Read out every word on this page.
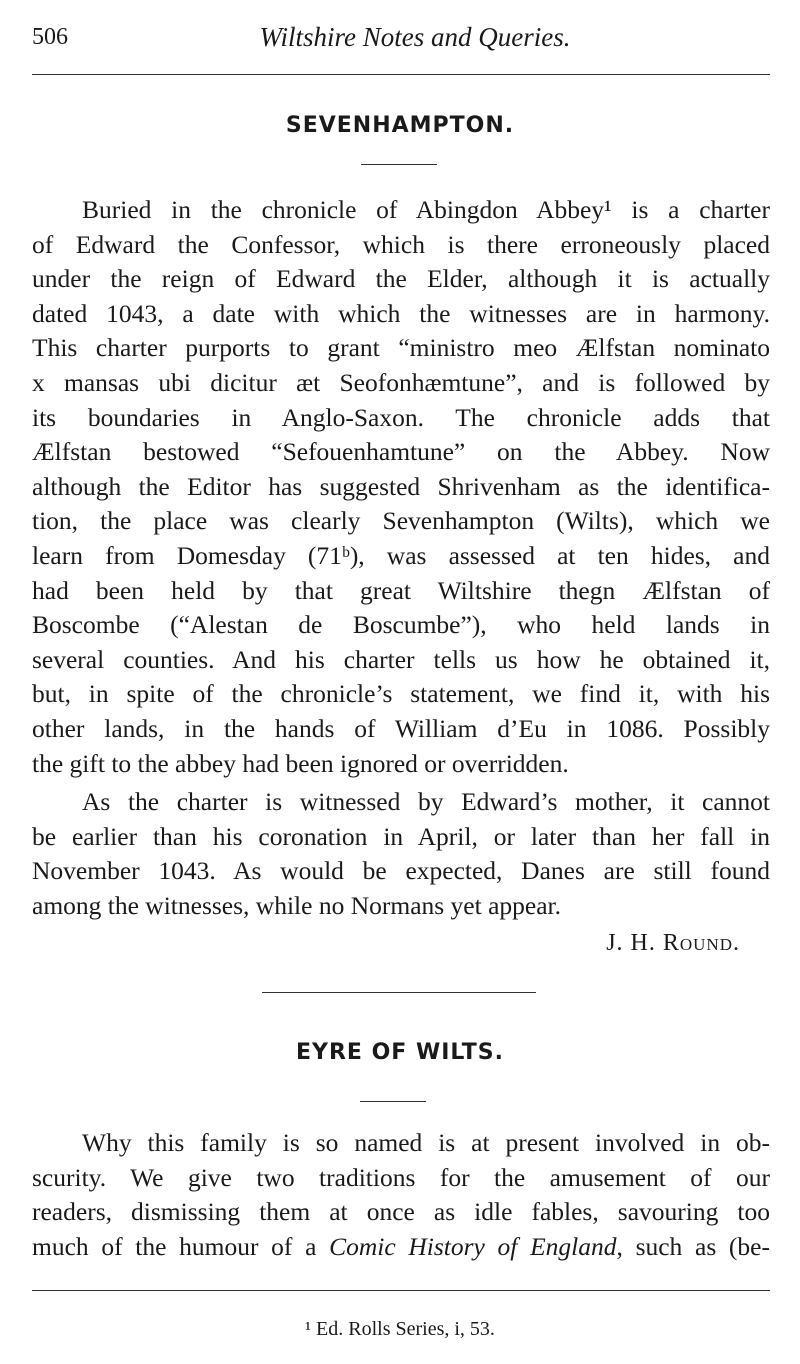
506	Wiltshire Notes and Queries.
SEVENHAMPTON.
Buried in the chronicle of Abingdon Abbey¹ is a charter
of Edward the Confessor, which is there erroneously placed
under the reign of Edward the Elder, although it is actually
dated 1043, a date with which the witnesses are in harmony.
This charter purports to grant “ministro meo Ælfstan nominato
x mansas ubi dicitur æt Seofonhæmtune”, and is followed by
its boundaries in Anglo-Saxon. The chronicle adds that
Ælfstan bestowed “Sefouenhamtune” on the Abbey. Now
although the Editor has suggested Shrivenham as the identifica-
tion, the place was clearly Sevenhampton (Wilts), which we
learn from Domesday (71ᵇ), was assessed at ten hides, and
had been held by that great Wiltshire thegn Ælfstan of
Boscombe (“Alestan de Boscumbe”), who held lands in
several counties. And his charter tells us how he obtained it,
but, in spite of the chronicle’s statement, we find it, with his
other lands, in the hands of William d’Eu in 1086. Possibly
the gift to the abbey had been ignored or overridden.
As the charter is witnessed by Edward’s mother, it cannot
be earlier than his coronation in April, or later than her fall in
November 1043. As would be expected, Danes are still found
among the witnesses, while no Normans yet appear.
J. H. Round.
EYRE OF WILTS.
Why this family is so named is at present involved in ob-
scurity. We give two traditions for the amusement of our
readers, dismissing them at once as idle fables, savouring too
much of the humour of a Comic History of England, such as (be-
¹ Ed. Rolls Series, i, 53.
